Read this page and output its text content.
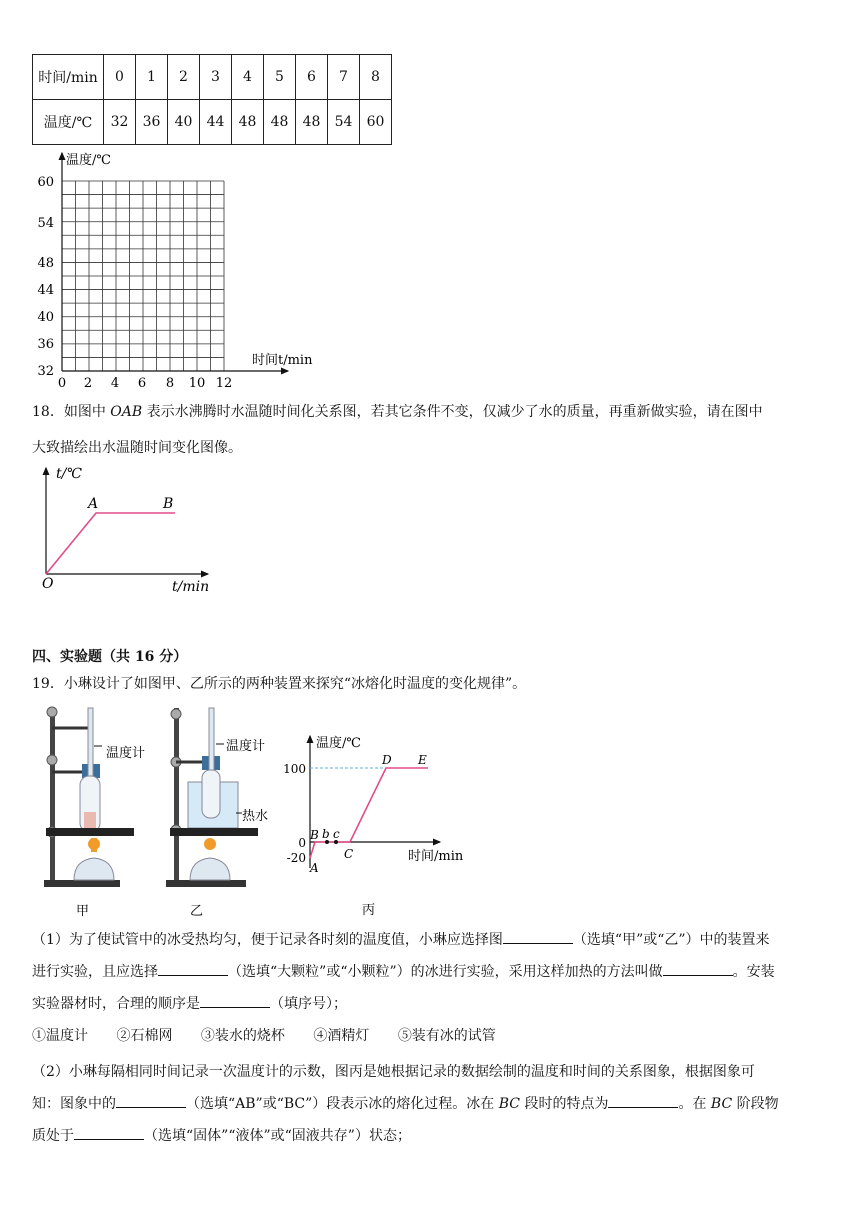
时间/min	0	1	2	3	4	5	6	7	8
温度/℃	32	36	40	44	48	48	48	54	60
温度/℃
时间t/min
60
54
48
44
40
36
32
0 2 4 6 8 10 12
18．如图中 OAB 表示水沸腾时水温随时间化关系图，若其它条件不变，仅减少了水的质量，再重新做实验，请在图中
大致描绘出水温随时间变化图像。
t/℃
t/min
O
A	B
四、实验题（共 16 分）
19．小琳设计了如图甲、乙所示的两种装置来探究“冰熔化时温度的变化规律”。
温度计
甲
温度计
热水
乙
温度/℃
时间/min
100
0
-20
B b c
A
C
D E
丙
（1）为了使试管中的冰受热均匀，便于记录各时刻的温度值，小琳应选择图	（选填“甲”或“乙”）中的装置来
进行实验，且应选择	（选填“大颗粒”或“小颗粒”）的冰进行实验，采用这样加热的方法叫做	。安装
实验器材时，合理的顺序是	（填序号）；
①温度计 ②石棉网 ③装水的烧杯 ④酒精灯 ⑤装有冰的试管
（2）小琳每隔相同时间记录一次温度计的示数，图丙是她根据记录的数据绘制的温度和时间的关系图象，根据图象可
知：图象中的	（选填“AB”或“BC”）段表示冰的熔化过程。冰在 BC 段时的特点为	。在 BC 阶段物
质处于	（选填“固体”“液体”或“固液共存”）状态；
